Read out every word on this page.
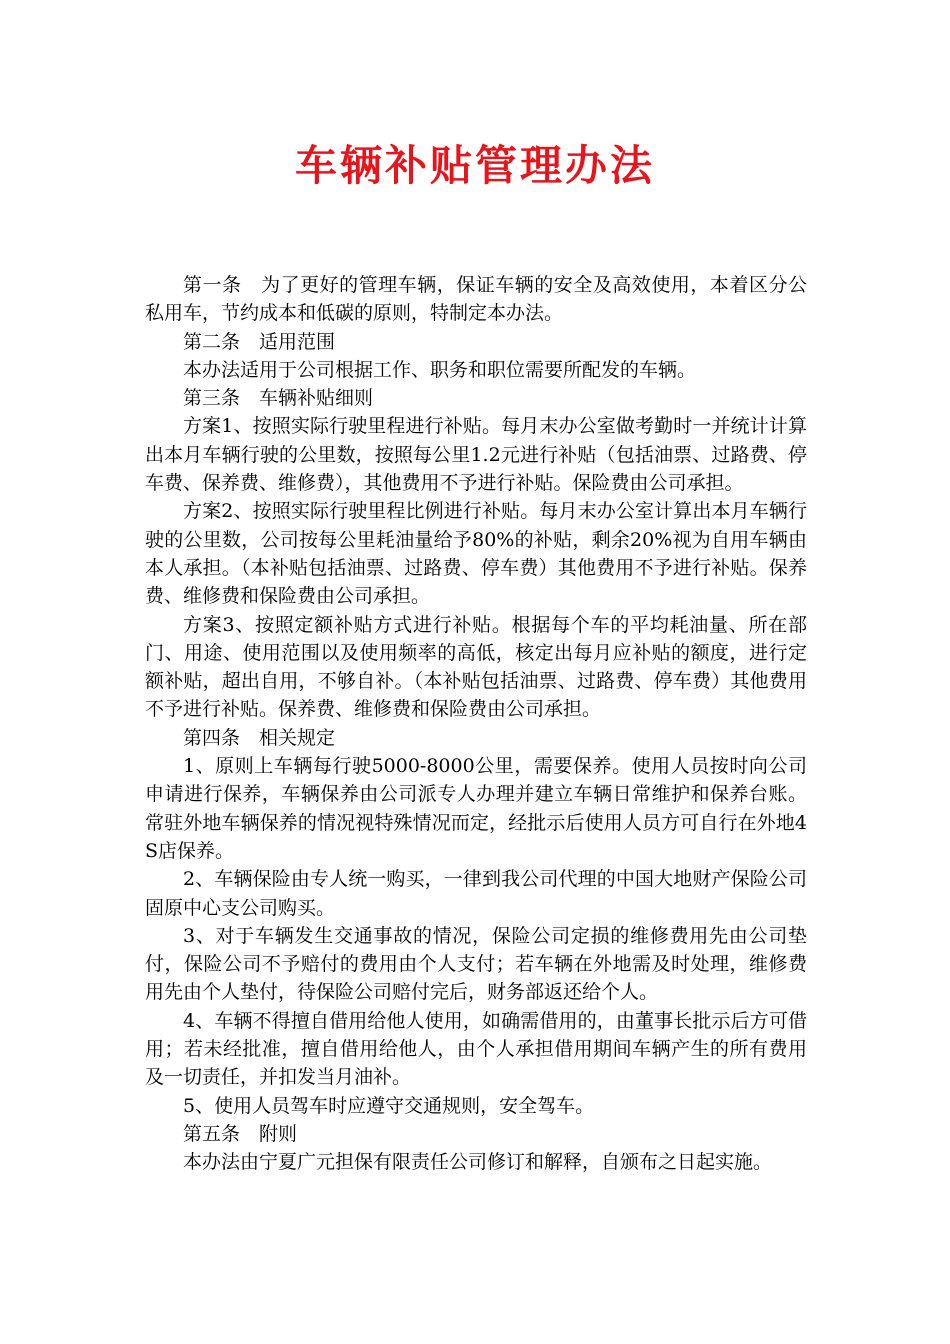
车辆补贴管理办法

第一条　为了更好的管理车辆，保证车辆的安全及高效使用，本着区分公私用车，节约成本和低碳的原则，特制定本办法。

第二条　适用范围

本办法适用于公司根据工作、职务和职位需要所配发的车辆。

第三条　车辆补贴细则

方案1、按照实际行驶里程进行补贴。每月末办公室做考勤时一并统计计算出本月车辆行驶的公里数，按照每公里1.2元进行补贴（包括油票、过路费、停车费、保养费、维修费），其他费用不予进行补贴。保险费由公司承担。

方案2、按照实际行驶里程比例进行补贴。每月末办公室计算出本月车辆行驶的公里数，公司按每公里耗油量给予80%的补贴，剩余20%视为自用车辆由本人承担。（本补贴包括油票、过路费、停车费）其他费用不予进行补贴。保养费、维修费和保险费由公司承担。

方案3、按照定额补贴方式进行补贴。根据每个车的平均耗油量、所在部门、用途、使用范围以及使用频率的高低，核定出每月应补贴的额度，进行定额补贴，超出自用，不够自补。（本补贴包括油票、过路费、停车费）其他费用不予进行补贴。保养费、维修费和保险费由公司承担。

第四条　相关规定

1、原则上车辆每行驶5000-8000公里，需要保养。使用人员按时向公司申请进行保养，车辆保养由公司派专人办理并建立车辆日常维护和保养台账。常驻外地车辆保养的情况视特殊情况而定，经批示后使用人员方可自行在外地4S店保养。

2、车辆保险由专人统一购买，一律到我公司代理的中国大地财产保险公司固原中心支公司购买。

3、对于车辆发生交通事故的情况，保险公司定损的维修费用先由公司垫付，保险公司不予赔付的费用由个人支付；若车辆在外地需及时处理，维修费用先由个人垫付，待保险公司赔付完后，财务部返还给个人。

4、车辆不得擅自借用给他人使用，如确需借用的，由董事长批示后方可借用；若未经批准，擅自借用给他人，由个人承担借用期间车辆产生的所有费用及一切责任，并扣发当月油补。

5、使用人员驾车时应遵守交通规则，安全驾车。

第五条　附则

本办法由宁夏广元担保有限责任公司修订和解释，自颁布之日起实施。
